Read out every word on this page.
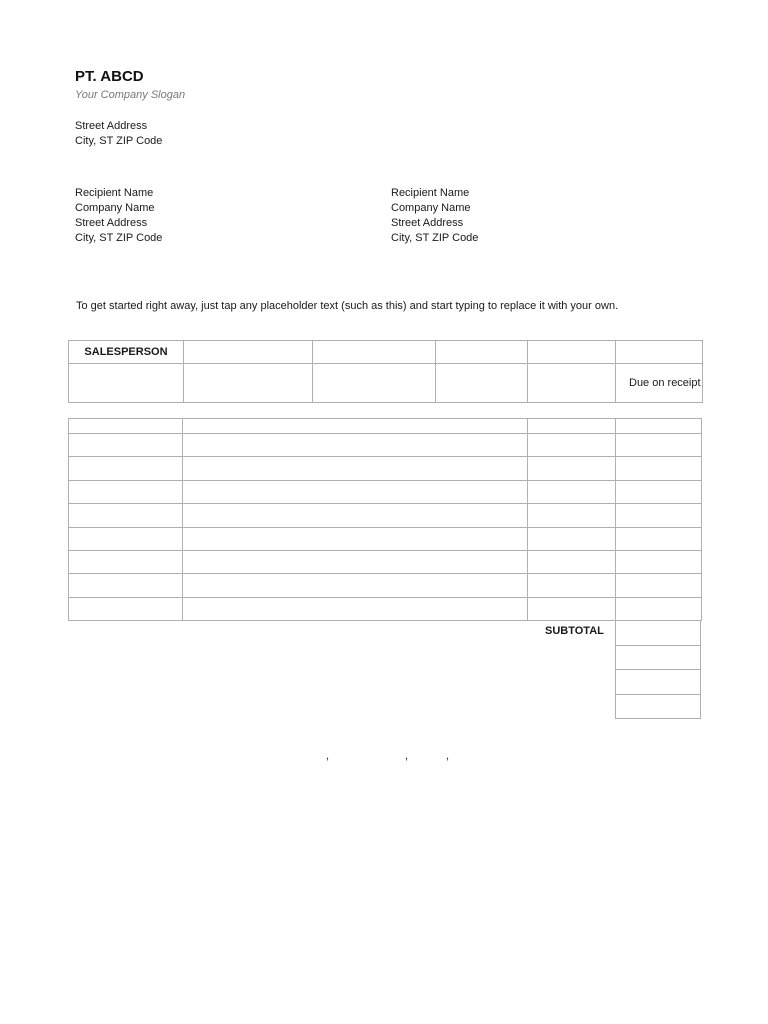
PT. ABCD
Your Company Slogan
Street Address
City, ST ZIP Code
Recipient Name
Company Name
Street Address
City, ST ZIP Code
Recipient Name
Company Name
Street Address
City, ST ZIP Code
To get started right away, just tap any placeholder text (such as this) and start typing to replace it with your own.
SALESPERSON					
					Due on receipt

SUBTOTAL

,	,	,
